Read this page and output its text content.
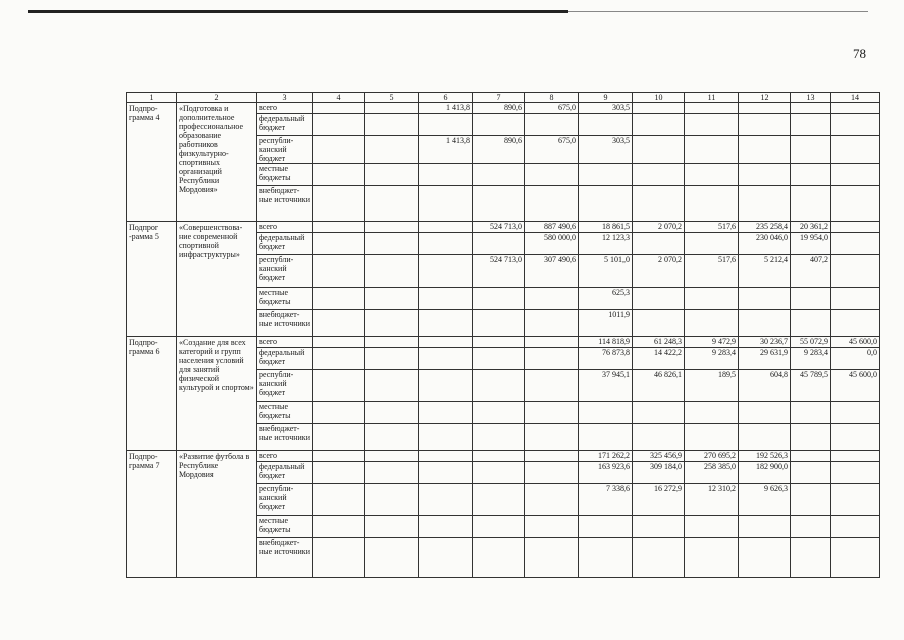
78
1	2	3	4	5	6	7	8	9	10	11	12	13	14
Подпро-грамма 4	«Подготовка и дополнительное профессиональное образование работников физкультурно-спортивных организаций Республики Мордовия»	всего			1 413,8	890,6	675,0	303,5					
		федеральный бюджет											
		республи-канский бюджет			1 413,8	890,6	675,0	303,5					
		местные бюджеты											
		внебюджет-ные источники											
Подпрог -рамма 5	«Совершенствова-ние современной спортивной инфраструктуры»	всего				524 713,0	887 490,6	18 861,5	2 070,2	517,6	235 258,4	20 361,2	
		федеральный бюджет					580 000,0	12 123,3			230 046,0	19 954,0	
		республи-канский бюджет				524 713,0	307 490,6	5 101,,0	2 070,2	517,6	5 212,4	407,2	
		местные бюджеты						625,3					
		внебюджет-ные источники						1011,9					
Подпро-грамма 6	«Создание для всех категорий и групп населения условий для занятий физической культурой и спортом»	всего						114 818,9	61 248,3	9 472,9	30 236,7	55 072,9	45 600,0
		федеральный бюджет						76 873,8	14 422,2	9 283,4	29 631,9	9 283,4	0,0
		республи-канский бюджет						37 945,1	46 826,1	189,5	604,8	45 789,5	45 600,0
		местные бюджеты											
		внебюджет-ные источники											
Подпро-грамма 7	«Развитие футбола в Республике Мордовия	всего						171 262,2	325 456,9	270 695,2	192 526,3		
		федеральный бюджет						163 923,6	309 184,0	258 385,0	182 900,0		
		республи-канский бюджет						7 338,6	16 272,9	12 310,2	9 626,3		
		местные бюджеты											
		внебюджет-ные источники											
